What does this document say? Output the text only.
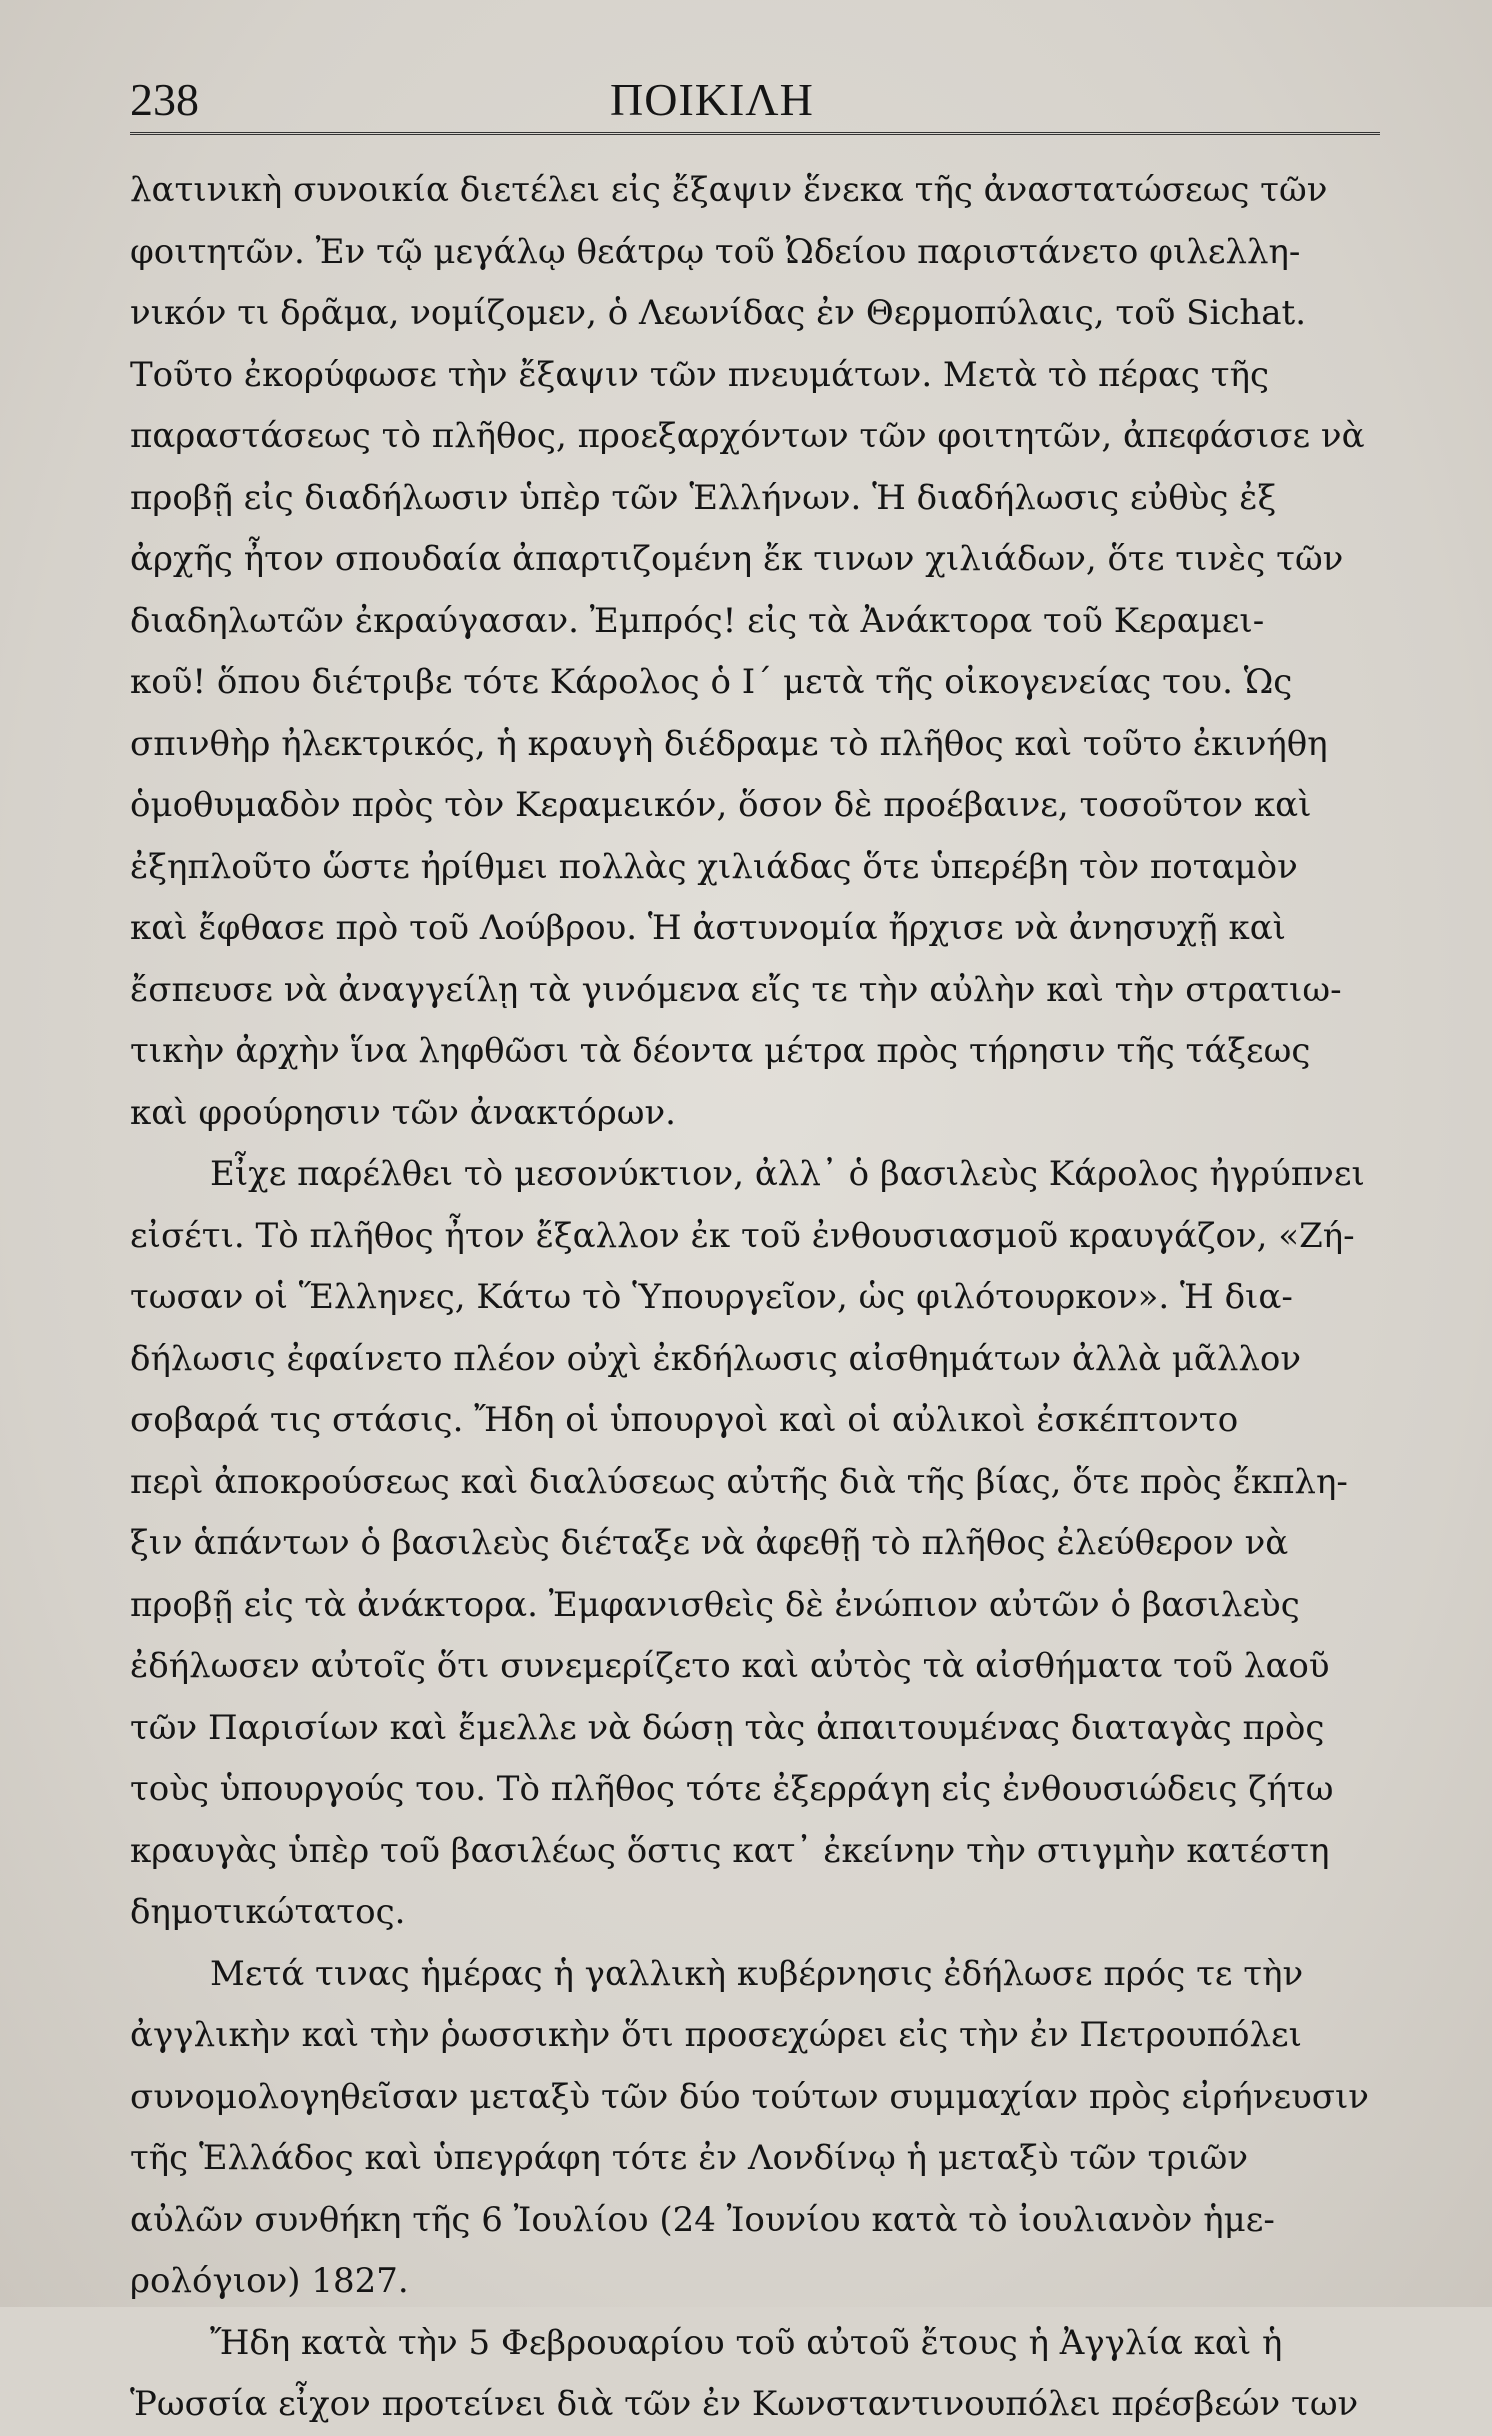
238	ΠΟΙΚΙΛΗ
λατινικὴ συνοικία διετέλει εἰς ἔξαψιν ἕνεκα τῆς ἀναστατώσεως τῶν
φοιτητῶν. Ἐν τῷ μεγάλῳ θεάτρῳ τοῦ Ὠδείου παριστάνετο φιλελλη-
νικόν τι δρᾶμα, νομίζομεν, ὁ Λεωνίδας ἐν Θερμοπύλαις, τοῦ Sichat.
Τοῦτο ἐκορύφωσε τὴν ἔξαψιν τῶν πνευμάτων. Μετὰ τὸ πέρας τῆς
παραστάσεως τὸ πλῆθος, προεξαρχόντων τῶν φοιτητῶν, ἀπεφάσισε νὰ
προβῇ εἰς διαδήλωσιν ὑπὲρ τῶν Ἑλλήνων. Ἡ διαδήλωσις εὐθὺς ἐξ
ἀρχῆς ἦτον σπουδαία ἀπαρτιζομένη ἔκ τινων χιλιάδων, ὅτε τινὲς τῶν
διαδηλωτῶν ἐκραύγασαν. Ἐμπρός! εἰς τὰ Ἀνάκτορα τοῦ Κεραμει-
κοῦ! ὅπου διέτριβε τότε Κάρολος ὁ Ι΄ μετὰ τῆς οἰκογενείας του. Ὡς
σπινθὴρ ἠλεκτρικός, ἡ κραυγὴ διέδραμε τὸ πλῆθος καὶ τοῦτο ἐκινήθη
ὁμοθυμαδὸν πρὸς τὸν Κεραμεικόν, ὅσον δὲ προέβαινε, τοσοῦτον καὶ
ἐξηπλοῦτο ὥστε ἠρίθμει πολλὰς χιλιάδας ὅτε ὑπερέβη τὸν ποταμὸν
καὶ ἔφθασε πρὸ τοῦ Λούβρου. Ἡ ἀστυνομία ἤρχισε νὰ ἀνησυχῇ καὶ
ἔσπευσε νὰ ἀναγγείλῃ τὰ γινόμενα εἴς τε τὴν αὐλὴν καὶ τὴν στρατιω-
τικὴν ἀρχὴν ἵνα ληφθῶσι τὰ δέοντα μέτρα πρὸς τήρησιν τῆς τάξεως
καὶ φρούρησιν τῶν ἀνακτόρων.
Εἶχε παρέλθει τὸ μεσονύκτιον, ἀλλ᾽ ὁ βασιλεὺς Κάρολος ἠγρύπνει
εἰσέτι. Τὸ πλῆθος ἦτον ἔξαλλον ἐκ τοῦ ἐνθουσιασμοῦ κραυγάζον, «Ζή-
τωσαν οἱ Ἕλληνες, Κάτω τὸ Ὑπουργεῖον, ὡς φιλότουρκον». Ἡ δια-
δήλωσις ἐφαίνετο πλέον οὐχὶ ἐκδήλωσις αἰσθημάτων ἀλλὰ μᾶλλον
σοβαρά τις στάσις. Ἤδη οἱ ὑπουργοὶ καὶ οἱ αὐλικοὶ ἐσκέπτοντο
περὶ ἀποκρούσεως καὶ διαλύσεως αὐτῆς διὰ τῆς βίας, ὅτε πρὸς ἔκπλη-
ξιν ἁπάντων ὁ βασιλεὺς διέταξε νὰ ἀφεθῇ τὸ πλῆθος ἐλεύθερον νὰ
προβῇ εἰς τὰ ἀνάκτορα. Ἐμφανισθεὶς δὲ ἐνώπιον αὐτῶν ὁ βασιλεὺς
ἐδήλωσεν αὐτοῖς ὅτι συνεμερίζετο καὶ αὐτὸς τὰ αἰσθήματα τοῦ λαοῦ
τῶν Παρισίων καὶ ἔμελλε νὰ δώσῃ τὰς ἀπαιτουμένας διαταγὰς πρὸς
τοὺς ὑπουργούς του. Τὸ πλῆθος τότε ἐξερράγη εἰς ἐνθουσιώδεις ζήτω
κραυγὰς ὑπὲρ τοῦ βασιλέως ὅστις κατ᾽ ἐκείνην τὴν στιγμὴν κατέστη
δημοτικώτατος.
Μετά τινας ἡμέρας ἡ γαλλικὴ κυβέρνησις ἐδήλωσε πρός τε τὴν
ἀγγλικὴν καὶ τὴν ῥωσσικὴν ὅτι προσεχώρει εἰς τὴν ἐν Πετρουπόλει
συνομολογηθεῖσαν μεταξὺ τῶν δύο τούτων συμμαχίαν πρὸς εἰρήνευσιν
τῆς Ἑλλάδος καὶ ὑπεγράφη τότε ἐν Λονδίνῳ ἡ μεταξὺ τῶν τριῶν
αὐλῶν συνθήκη τῆς 6 Ἰουλίου (24 Ἰουνίου κατὰ τὸ ἰουλιανὸν ἡμε-
ρολόγιον) 1827.
Ἤδη κατὰ τὴν 5 Φεβρουαρίου τοῦ αὐτοῦ ἔτους ἡ Ἀγγλία καὶ ἡ
Ῥωσσία εἶχον προτείνει διὰ τῶν ἐν Κωνσταντινουπόλει πρέσβεών των
